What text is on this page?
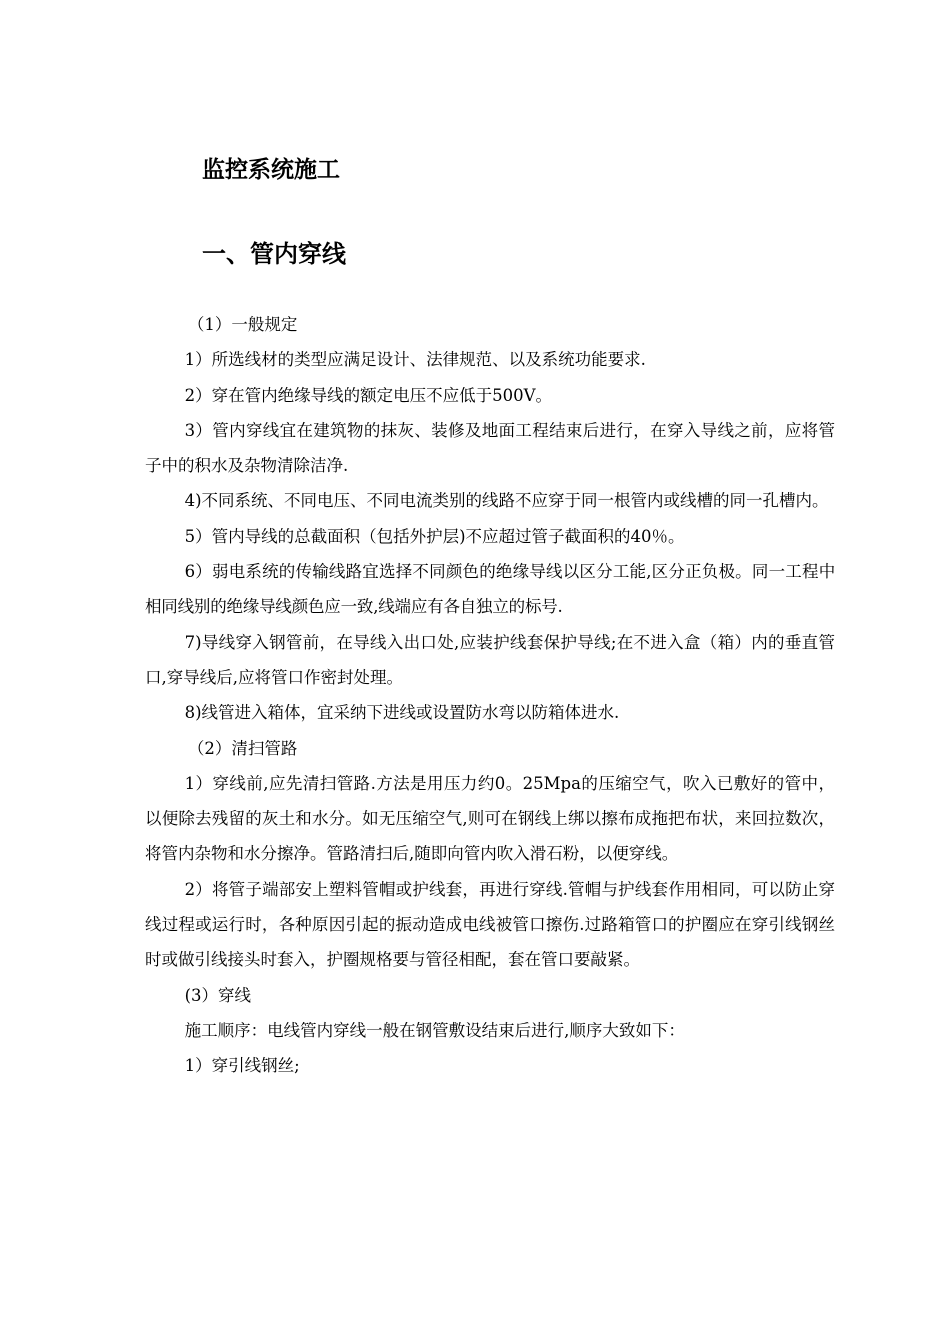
监控系统施工
一、管内穿线

（1）一般规定

1）所选线材的类型应满足设计、法律规范、以及系统功能要求.

2）穿在管内绝缘导线的额定电压不应低于500V。

3）管内穿线宜在建筑物的抹灰、装修及地面工程结束后进行，在穿入导线之前，应将管子中的积水及杂物清除洁净.

4)不同系统、不同电压、不同电流类别的线路不应穿于同一根管内或线槽的同一孔槽内。

5）管内导线的总截面积（包括外护层)不应超过管子截面积的40％。

6）弱电系统的传输线路宜选择不同颜色的绝缘导线以区分工能,区分正负极。同一工程中相同线别的绝缘导线颜色应一致,线端应有各自独立的标号.

7)导线穿入钢管前，在导线入出口处,应装护线套保护导线;在不进入盒（箱）内的垂直管口,穿导线后,应将管口作密封处理。

8)线管进入箱体，宜采纳下进线或设置防水弯以防箱体进水.

（2）清扫管路

1）穿线前,应先清扫管路.方法是用压力约0。25Mpa的压缩空气，吹入已敷好的管中，以便除去残留的灰土和水分。如无压缩空气,则可在钢线上绑以擦布成拖把布状，来回拉数次，将管内杂物和水分擦净。管路清扫后,随即向管内吹入滑石粉，以便穿线。

2）将管子端部安上塑料管帽或护线套，再进行穿线.管帽与护线套作用相同，可以防止穿线过程或运行时，各种原因引起的振动造成电线被管口擦伤.过路箱管口的护圈应在穿引线钢丝时或做引线接头时套入，护圈规格要与管径相配，套在管口要敲紧。

(3）穿线

施工顺序：电线管内穿线一般在钢管敷设结束后进行,顺序大致如下：

1）穿引线钢丝;
